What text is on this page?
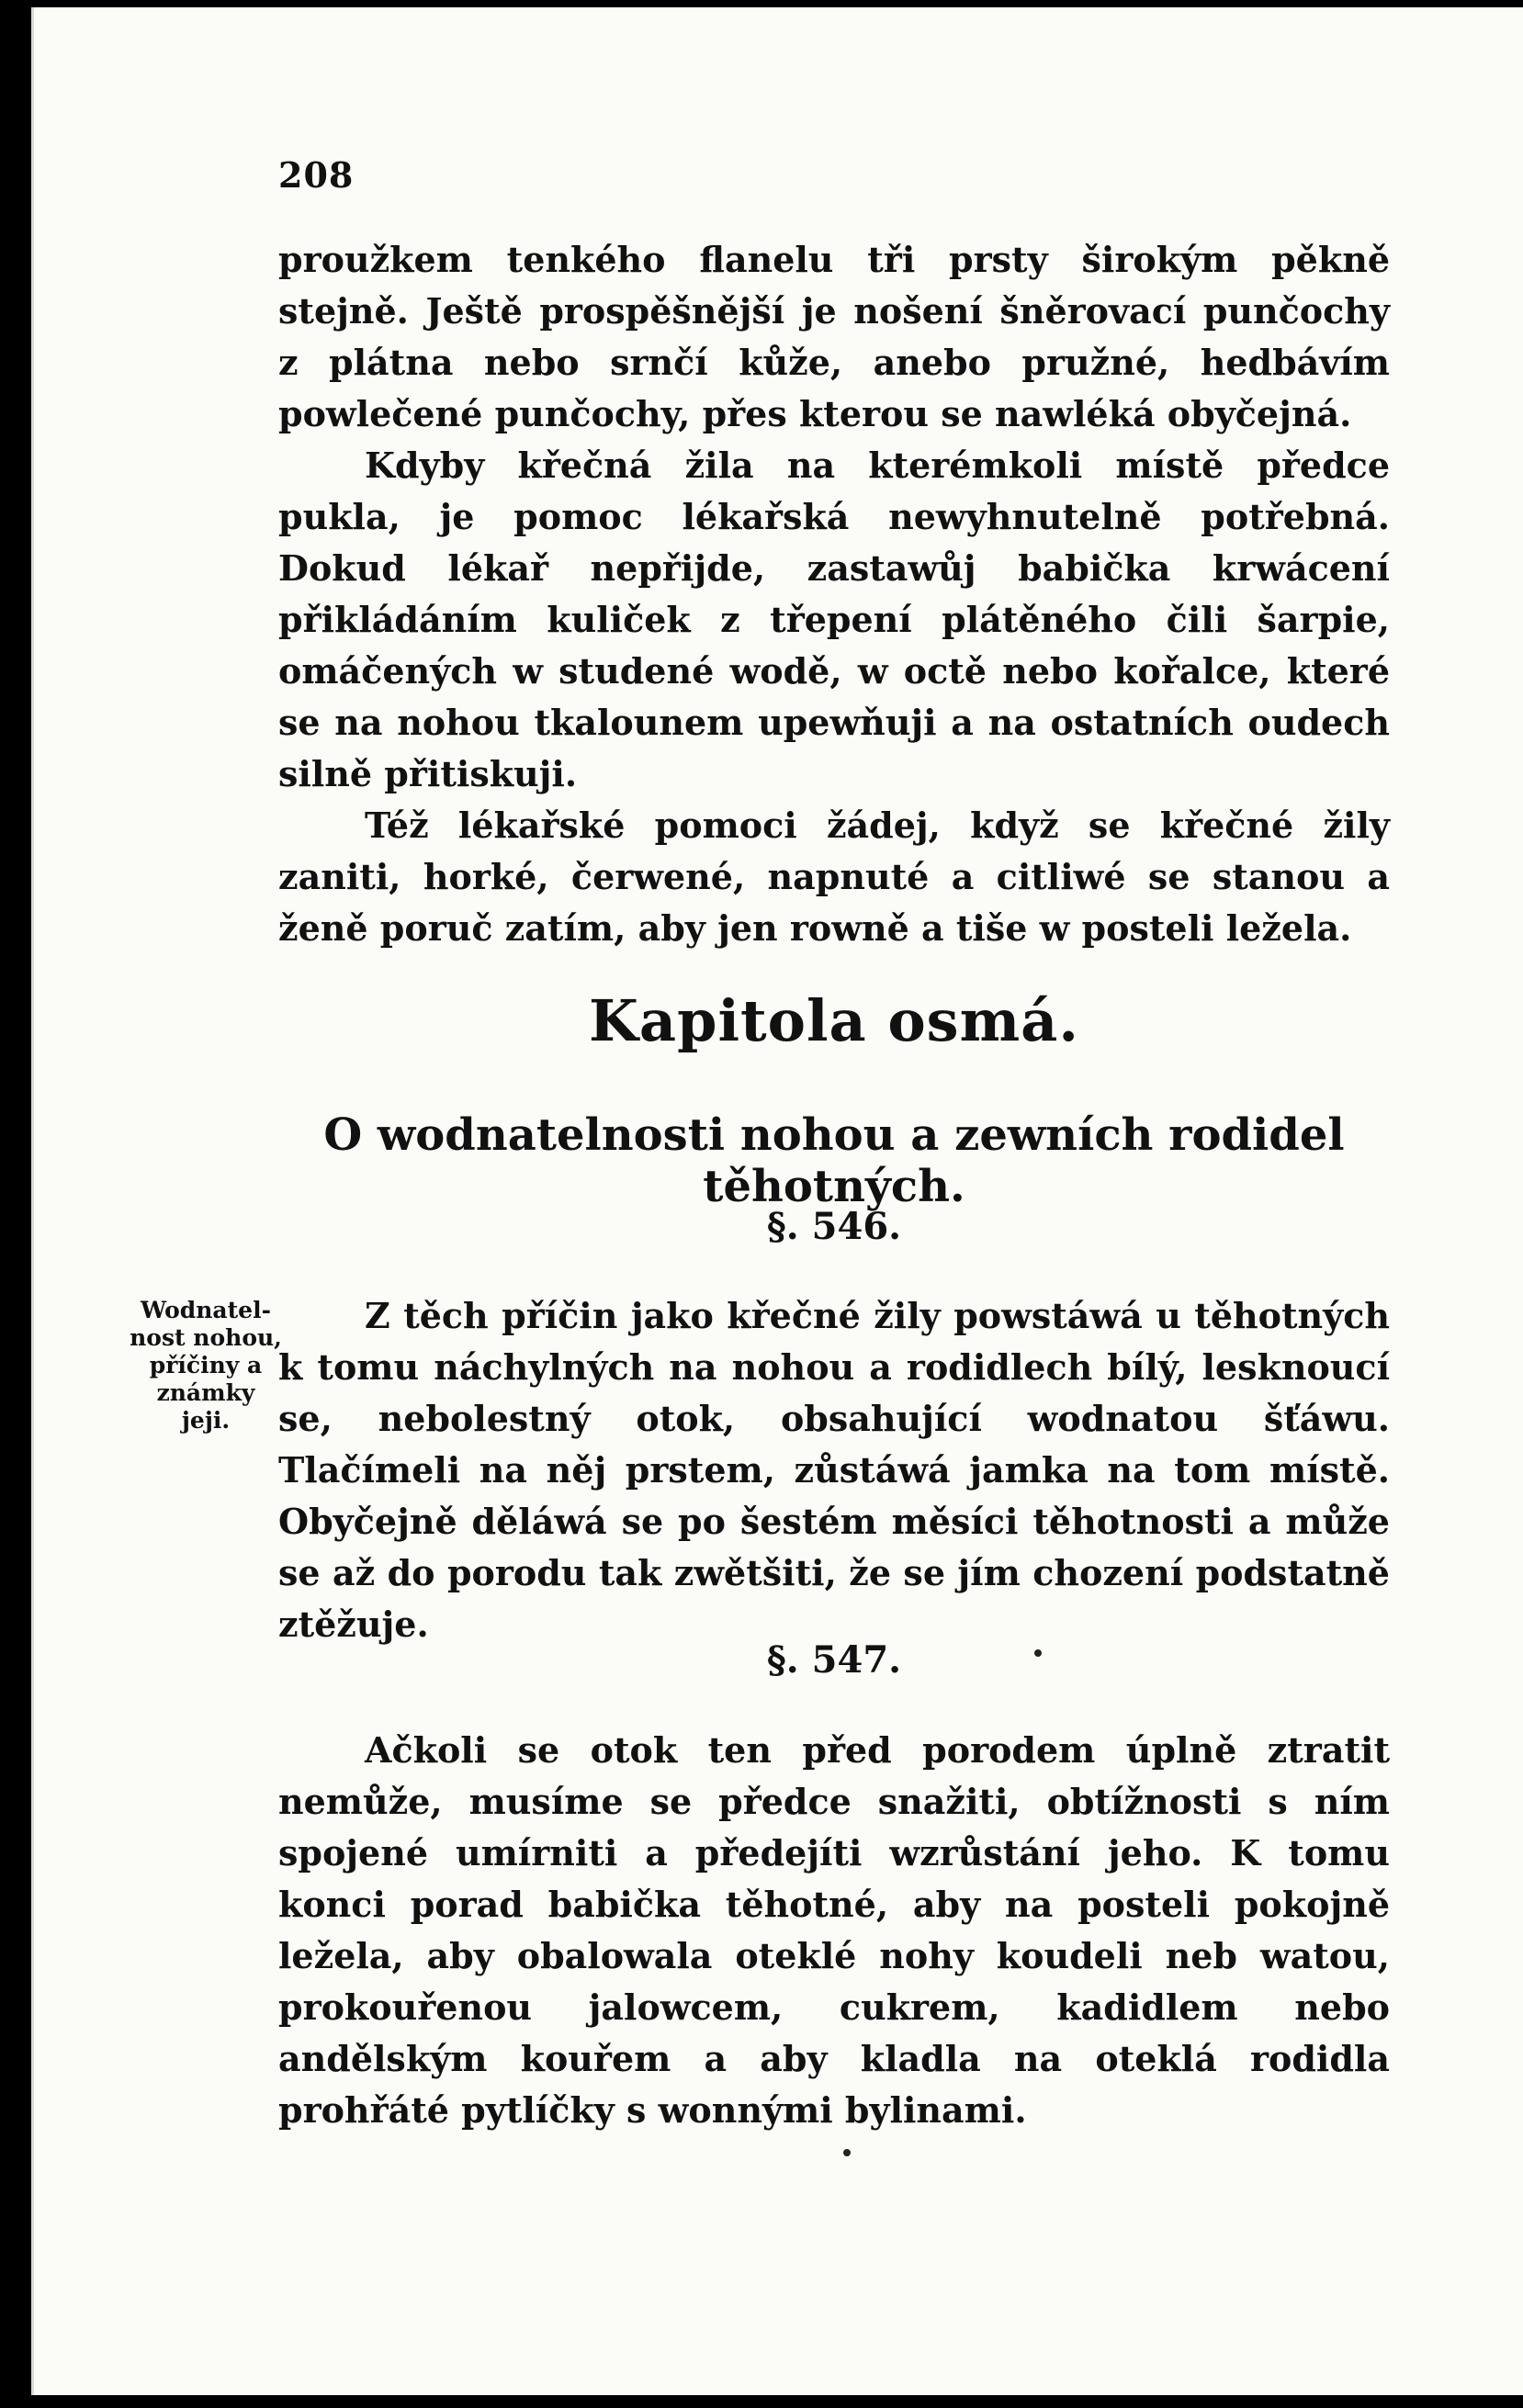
208

proužkem tenkého flanelu tři prsty širokým pěkně stejně. Ještě prospěšnější je nošení šněrovací punčochy z plátna nebo srnčí kůže, anebo pružné, hedbávím powlečené punčochy, přes kterou se nawléká obyčejná.

Kdyby křečná žila na kterémkoli místě předce pukla, je pomoc lékařská newyhnutelně potřebná. Dokud lékař nepřijde, zastawůj babička krwácení přikládáním kuliček z třepení plátěného čili šarpie, omáčených w studené wodě, w octě nebo kořalce, které se na nohou tkalounem upewňuji a na ostatních oudech silně přitiskuji.

Též lékařské pomoci žádej, když se křečné žily zaniti, horké, čerwené, napnuté a citliwé se stanou a ženě poruč zatím, aby jen rowně a tiše w posteli ležela.

Kapitola osmá.
O wodnatelnosti nohou a zewních rodidel těhotných.
§. 546.
Wodnatel-
nost nohou,
příčiny a
známky
jeji.

Z těch příčin jako křečné žily powstáwá u těhotných k tomu náchylných na nohou a rodidlech bílý, lesknoucí se, nebolestný otok, obsahující wodnatou šťáwu. Tlačímeli na něj prstem, zůstáwá jamka na tom místě. Obyčejně děláwá se po šestém měsíci těhotnosti a může se až do porodu tak zwětšiti, že se jím chození podstatně ztěžuje.

§. 547.

Ačkoli se otok ten před porodem úplně ztratit nemůže, musíme se předce snažiti, obtížnosti s ním spojené umírniti a předejíti wzrůstání jeho. K tomu konci porad babička těhotné, aby na posteli pokojně ležela, aby obalowala oteklé nohy koudeli neb watou, prokouřenou jalowcem, cukrem, kadidlem nebo andělským kouřem a aby kladla na oteklá rodidla prohřáté pytlíčky s wonnými bylinami.
